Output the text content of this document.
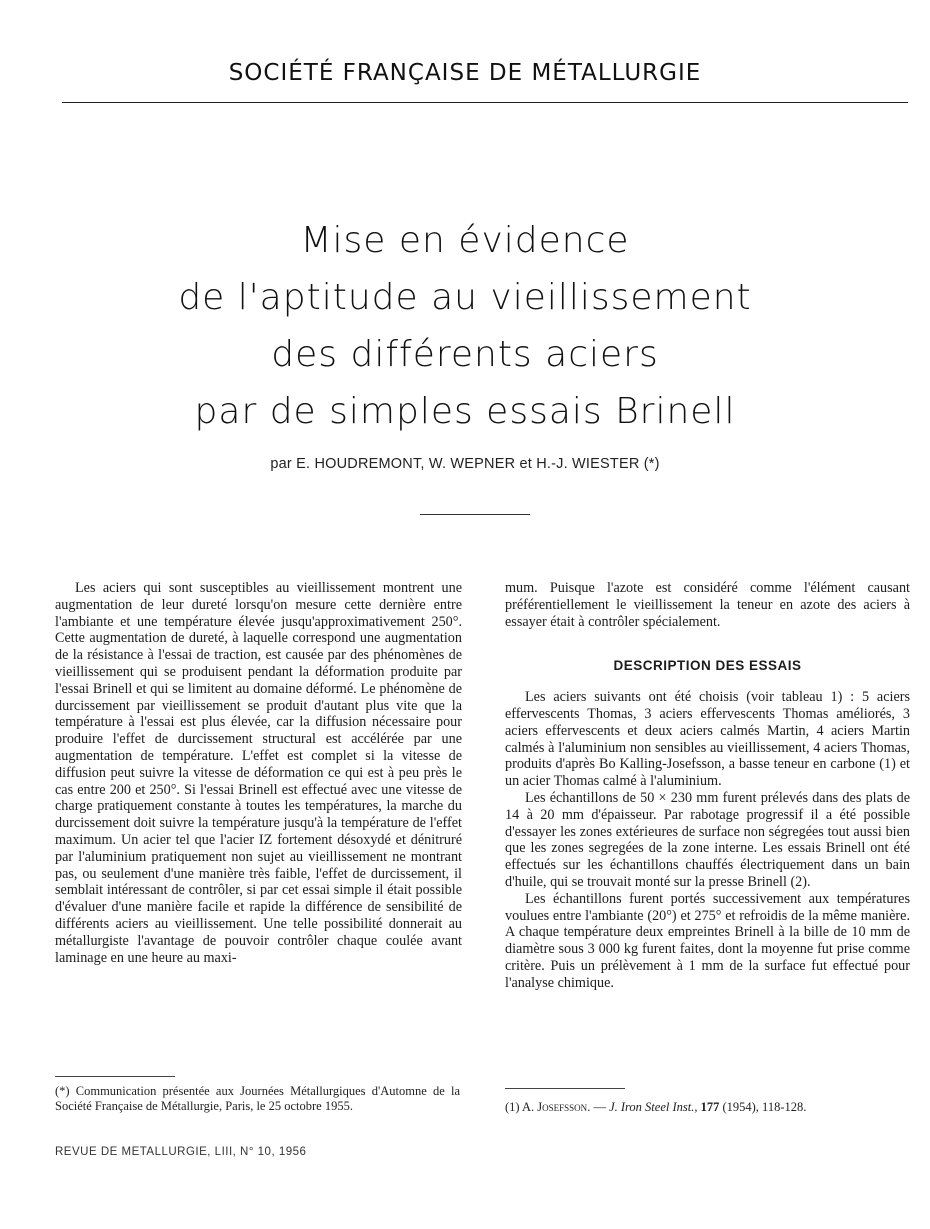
SOCIÉTÉ FRANÇAISE DE MÉTALLURGIE
Mise en évidence
de l'aptitude au vieillissement
des différents aciers
par de simples essais Brinell
par E. HOUDREMONT, W. WEPNER et H.-J. WIESTER (*)

Les aciers qui sont susceptibles au vieillissement montrent une augmentation de leur dureté lorsqu'on mesure cette dernière entre l'ambiante et une température élevée jusqu'approximativement 250°. Cette augmentation de dureté, à laquelle correspond une augmentation de la résistance à l'essai de traction, est causée par des phénomènes de vieillissement qui se produisent pendant la déformation produite par l'essai Brinell et qui se limitent au domaine déformé. Le phénomène de durcissement par vieillissement se produit d'autant plus vite que la température à l'essai est plus élevée, car la diffusion nécessaire pour produire l'effet de durcissement structural est accélérée par une augmentation de température. L'effet est complet si la vitesse de diffusion peut suivre la vitesse de déformation ce qui est à peu près le cas entre 200 et 250°. Si l'essai Brinell est effectué avec une vitesse de charge pratiquement constante à toutes les températures, la marche du durcissement doit suivre la température jusqu'à la température de l'effet maximum. Un acier tel que l'acier IZ fortement désoxydé et dénitruré par l'aluminium pratiquement non sujet au vieillissement ne montrant pas, ou seulement d'une manière très faible, l'effet de durcissement, il semblait intéressant de contrôler, si par cet essai simple il était possible d'évaluer d'une manière facile et rapide la différence de sensibilité de différents aciers au vieillissement. Une telle possibilité donnerait au métallurgiste l'avantage de pouvoir contrôler chaque coulée avant laminage en une heure au maxi-

mum. Puisque l'azote est considéré comme l'élément causant préférentiellement le vieillissement la teneur en azote des aciers à essayer était à contrôler spécialement.

DESCRIPTION DES ESSAIS

Les aciers suivants ont été choisis (voir tableau 1) : 5 aciers effervescents Thomas, 3 aciers effervescents Thomas améliorés, 3 aciers effervescents et deux aciers calmés Martin, 4 aciers Martin calmés à l'aluminium non sensibles au vieillissement, 4 aciers Thomas, produits d'après Bo Kalling-Josefsson, a basse teneur en carbone (1) et un acier Thomas calmé à l'aluminium.

Les échantillons de 50 × 230 mm furent prélevés dans des plats de 14 à 20 mm d'épaisseur. Par rabotage progressif il a été possible d'essayer les zones extérieures de surface non ségregées tout aussi bien que les zones segregées de la zone interne. Les essais Brinell ont été effectués sur les échantillons chauffés électriquement dans un bain d'huile, qui se trouvait monté sur la presse Brinell (2).

Les échantillons furent portés successivement aux températures voulues entre l'ambiante (20°) et 275° et refroidis de la même manière. A chaque température deux empreintes Brinell à la bille de 10 mm de diamètre sous 3 000 kg furent faites, dont la moyenne fut prise comme critère. Puis un prélèvement à 1 mm de la surface fut effectué pour l'analyse chimique.

(*) Communication présentée aux Journées Métallurgiques d'Automne de la Société Française de Métallurgie, Paris, le 25 octobre 1955.	(1) A. Josefsson. — J. Iron Steel Inst., 177 (1954), 118-128.
REVUE DE METALLURGIE, LIII, N° 10, 1956
